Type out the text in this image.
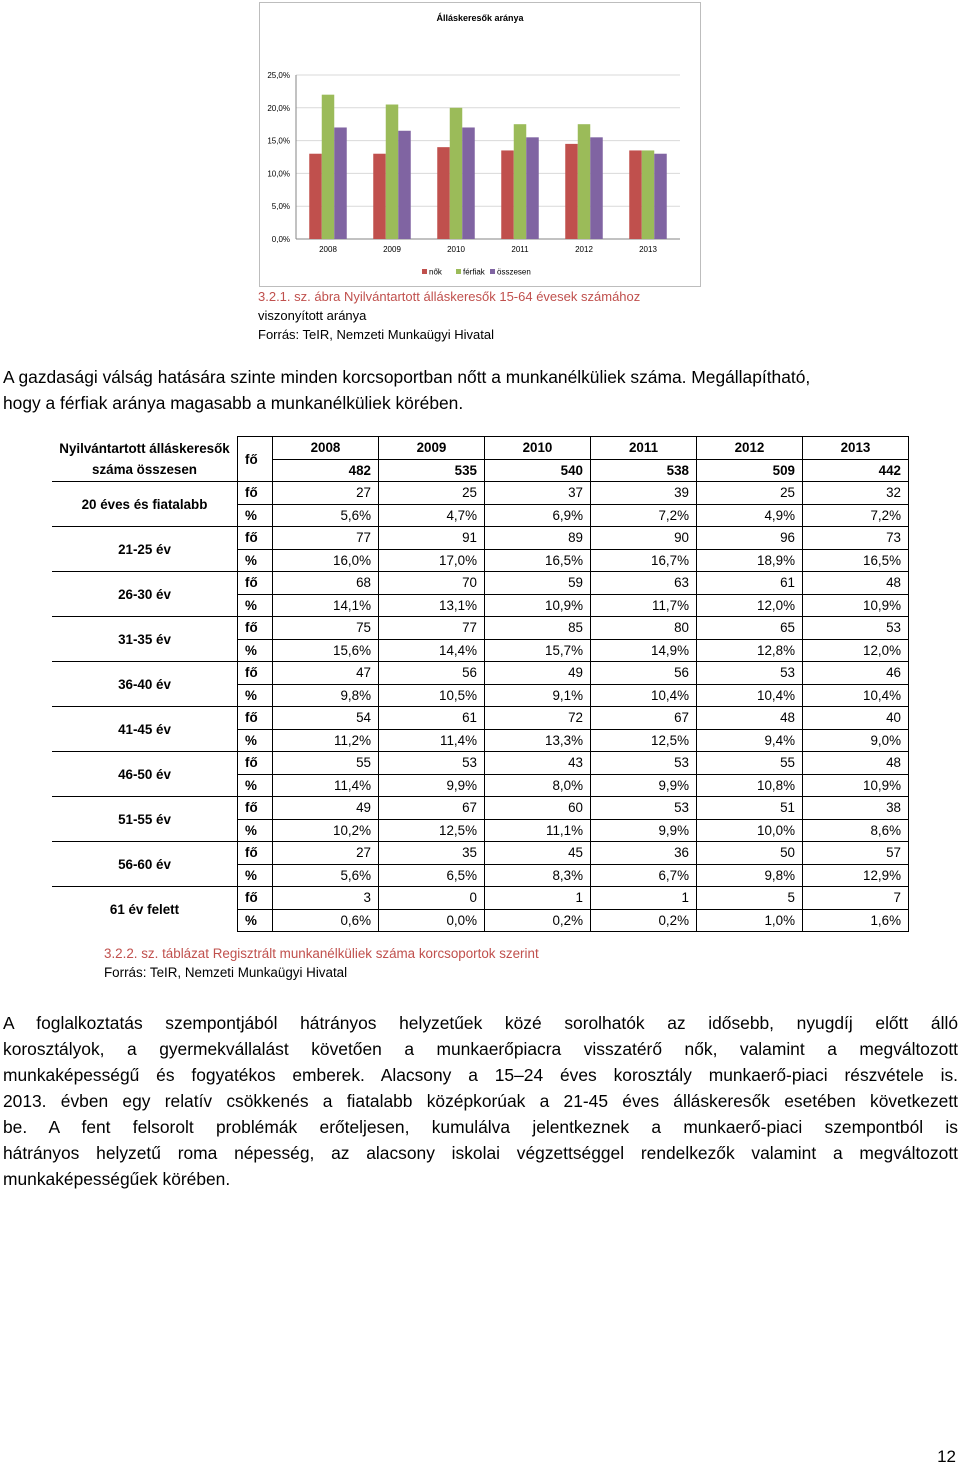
Álláskeresők aránya
0,0%
5,0%
10,0%
15,0%
20,0%
25,0%
2008	2009	2010	2011	2012	2013
nők	férfiak összesen
3.2.1. sz. ábra Nyilvántartott álláskeresők 15-64 évesek számához
viszonyított aránya
Forrás: TeIR, Nemzeti Munkaügyi Hivatal
A gazdasági válság hatására szinte minden korcsoportban nőtt a munkanélküliek száma. Megállapítható,
hogy a férfiak aránya magasabb a munkanélküliek körében.
Nyilvántartott álláskeresők száma összesen	fő	2008	2009	2010	2011	2012	2013
		482	535	540	538	509	442
20 éves és fiatalabb	fő	27	25	37	39	25	32
	%	5,6%	4,7%	6,9%	7,2%	4,9%	7,2%
21-25 év	fő	77	91	89	90	96	73
	%	16,0%	17,0%	16,5%	16,7%	18,9%	16,5%
26-30 év	fő	68	70	59	63	61	48
	%	14,1%	13,1%	10,9%	11,7%	12,0%	10,9%
31-35 év	fő	75	77	85	80	65	53
	%	15,6%	14,4%	15,7%	14,9%	12,8%	12,0%
36-40 év	fő	47	56	49	56	53	46
	%	9,8%	10,5%	9,1%	10,4%	10,4%	10,4%
41-45 év	fő	54	61	72	67	48	40
	%	11,2%	11,4%	13,3%	12,5%	9,4%	9,0%
46-50 év	fő	55	53	43	53	55	48
	%	11,4%	9,9%	8,0%	9,9%	10,8%	10,9%
51-55 év	fő	49	67	60	53	51	38
	%	10,2%	12,5%	11,1%	9,9%	10,0%	8,6%
56-60 év	fő	27	35	45	36	50	57
	%	5,6%	6,5%	8,3%	6,7%	9,8%	12,9%
61 év felett	fő	3	0	1	1	5	7
	%	0,6%	0,0%	0,2%	0,2%	1,0%	1,6%
3.2.2. sz. táblázat Regisztrált munkanélküliek száma korcsoportok szerint
Forrás: TeIR, Nemzeti Munkaügyi Hivatal
A foglalkoztatás szempontjából hátrányos helyzetűek közé sorolhatók az idősebb, nyugdíj előtt álló
korosztályok, a gyermekvállalást követően a munkaerőpiacra visszatérő nők, valamint a megváltozott
munkaképességű és fogyatékos emberek. Alacsony a 15–24 éves korosztály munkaerő-piaci részvétele is.
2013. évben egy relatív csökkenés a fiatalabb középkorúak a 21-45 éves álláskeresők esetében következett
be. A fent felsorolt problémák erőteljesen, kumulálva jelentkeznek a munkaerő-piaci szempontból is
hátrányos helyzetű roma népesség, az alacsony iskolai végzettséggel rendelkezők valamint a megváltozott
munkaképességűek körében.
12
